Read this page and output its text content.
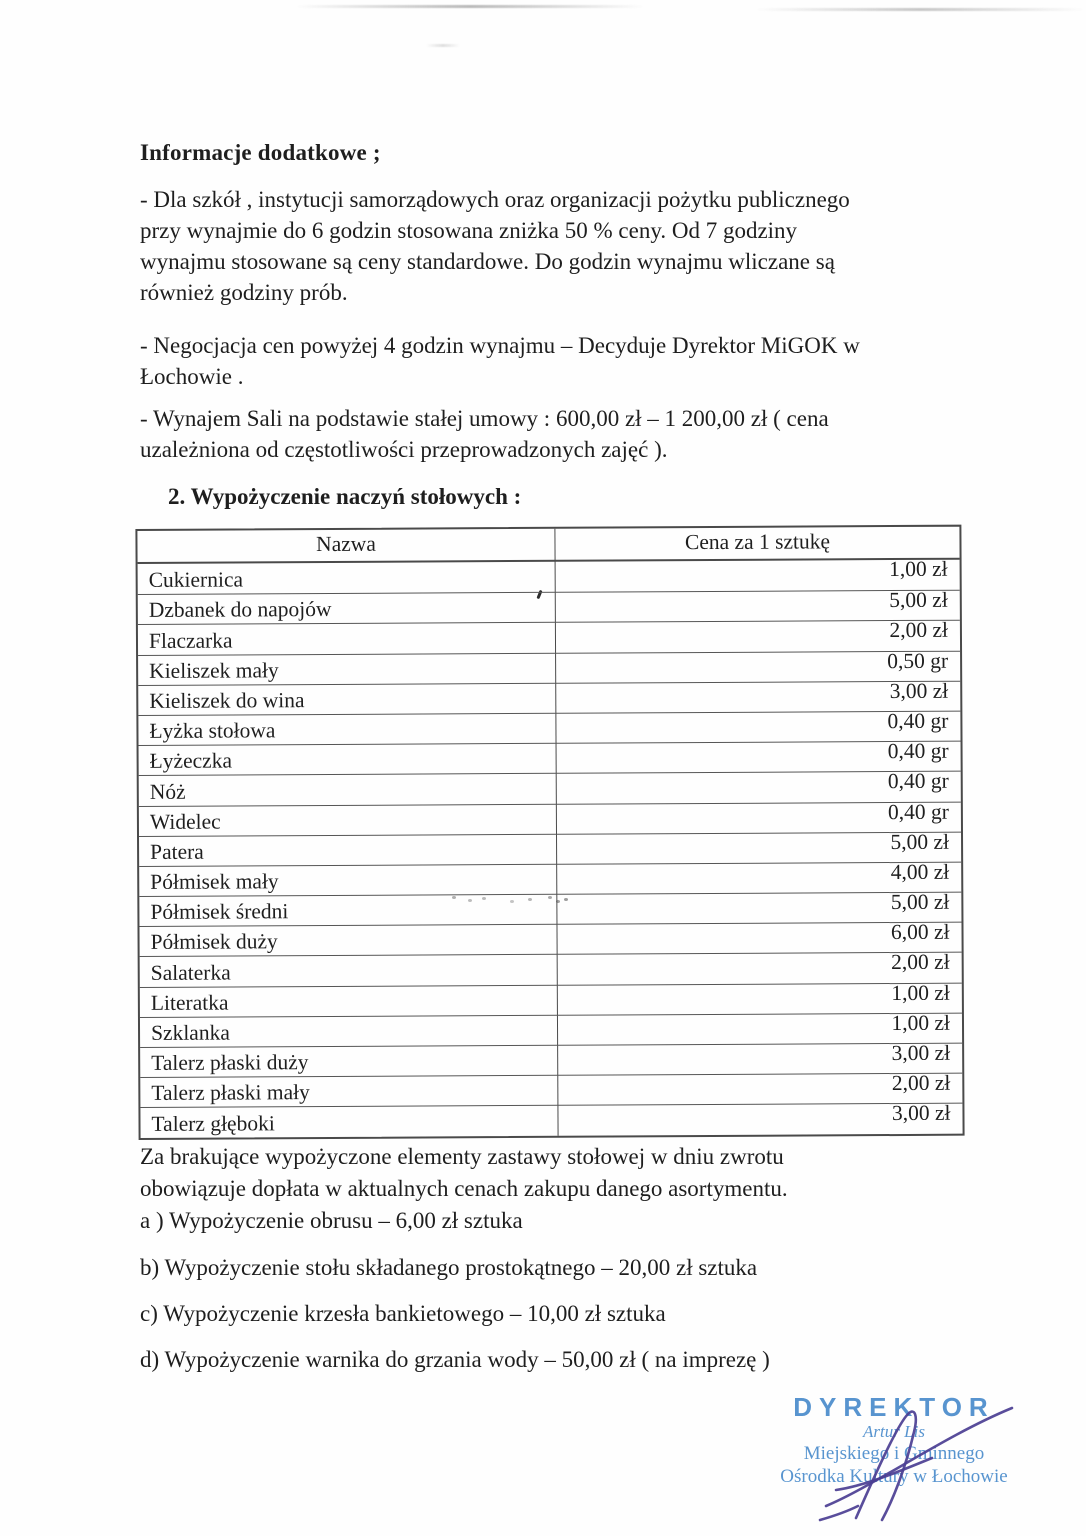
Informacje dodatkowe ;
- Dla szkół , instytucji samorządowych oraz organizacji pożytku publicznego
przy wynajmie do 6 godzin stosowana zniżka 50 % ceny. Od 7 godziny
wynajmu stosowane są ceny standardowe. Do godzin wynajmu wliczane są
również godziny prób.
- Negocjacja cen powyżej 4 godzin wynajmu – Decyduje Dyrektor MiGOK w
Łochowie .
- Wynajem Sali na podstawie stałej umowy : 600,00 zł – 1 200,00 zł ( cena
uzależniona od częstotliwości przeprowadzonych zajęć ).
2. Wypożyczenie naczyń stołowych :
Nazwa	Cena za 1 sztukę
Cukiernica	1,00 zł
Dzbanek do napojów	5,00 zł
Flaczarka	2,00 zł
Kieliszek mały	0,50 gr
Kieliszek do wina	3,00 zł
Łyżka stołowa	0,40 gr
Łyżeczka	0,40 gr
Nóż	0,40 gr
Widelec	0,40 gr
Patera	5,00 zł
Półmisek mały	4,00 zł
Półmisek średni	5,00 zł
Półmisek duży	6,00 zł
Salaterka	2,00 zł
Literatka	1,00 zł
Szklanka	1,00 zł
Talerz płaski duży	3,00 zł
Talerz płaski mały	2,00 zł
Talerz głęboki	3,00 zł
Za brakujące wypożyczone elementy zastawy stołowej w dniu zwrotu
obowiązuje dopłata w aktualnych cenach zakupu danego asortymentu.
a ) Wypożyczenie obrusu – 6,00 zł sztuka
b) Wypożyczenie stołu składanego prostokątnego – 20,00 zł sztuka
c) Wypożyczenie krzesła bankietowego – 10,00 zł sztuka
d) Wypożyczenie warnika do grzania wody – 50,00 zł ( na imprezę )
DYREKTOR
Artur Lis
Miejskiego i Gminnego
Ośrodka Kultury w Łochowie
